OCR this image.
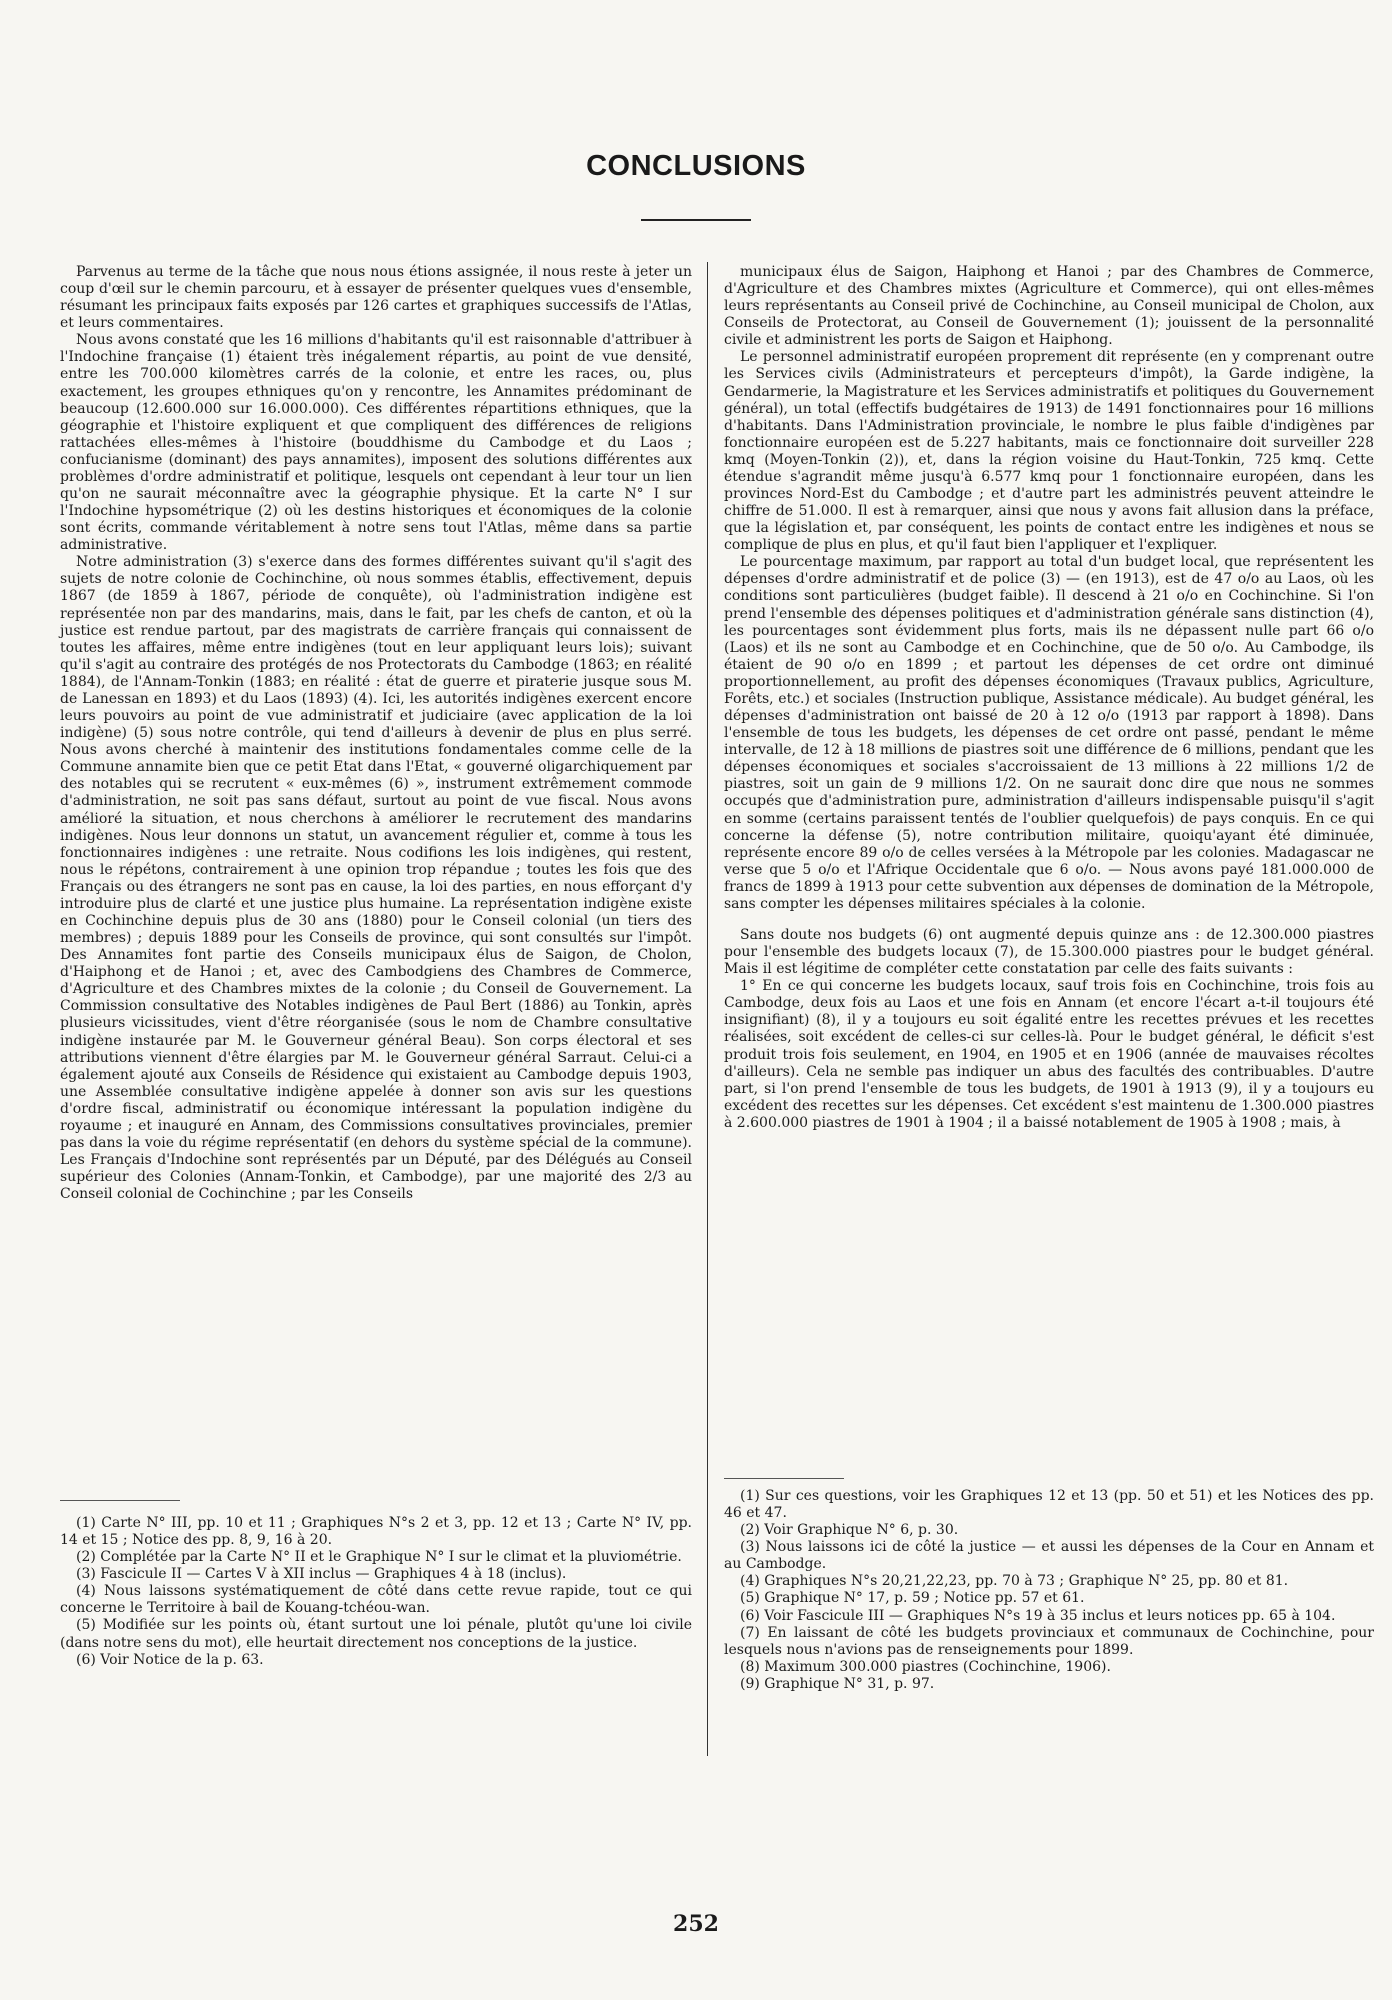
CONCLUSIONS

Parvenus au terme de la tâche que nous nous étions assignée, il nous reste à jeter un coup d'œil sur le chemin parcouru, et à essayer de présenter quelques vues d'ensemble, résumant les principaux faits exposés par 126 cartes et graphiques successifs de l'Atlas, et leurs commentaires.

Nous avons constaté que les 16 millions d'habitants qu'il est raisonnable d'attribuer à l'Indochine française (1) étaient très inégalement répartis, au point de vue densité, entre les 700.000 kilomètres carrés de la colonie, et entre les races, ou, plus exactement, les groupes ethniques qu'on y rencontre, les Annamites prédominant de beaucoup (12.600.000 sur 16.000.000). Ces différentes répartitions ethniques, que la géographie et l'histoire expliquent et que compliquent des différences de religions rattachées elles-mêmes à l'histoire (bouddhisme du Cambodge et du Laos ; confucianisme (dominant) des pays annamites), imposent des solutions différentes aux problèmes d'ordre administratif et politique, lesquels ont cependant à leur tour un lien qu'on ne saurait méconnaître avec la géographie physique. Et la carte N° I sur l'Indochine hypsométrique (2) où les destins historiques et économiques de la colonie sont écrits, commande véritablement à notre sens tout l'Atlas, même dans sa partie administrative.

Notre administration (3) s'exerce dans des formes différentes suivant qu'il s'agit des sujets de notre colonie de Cochinchine, où nous sommes établis, effectivement, depuis 1867 (de 1859 à 1867, période de conquête), où l'administration indigène est représentée non par des mandarins, mais, dans le fait, par les chefs de canton, et où la justice est rendue partout, par des magistrats de carrière français qui connaissent de toutes les affaires, même entre indigènes (tout en leur appliquant leurs lois); suivant qu'il s'agit au contraire des protégés de nos Protectorats du Cambodge (1863; en réalité 1884), de l'Annam-Tonkin (1883; en réalité : état de guerre et piraterie jusque sous M. de Lanessan en 1893) et du Laos (1893) (4). Ici, les autorités indigènes exercent encore leurs pouvoirs au point de vue administratif et judiciaire (avec application de la loi indigène) (5) sous notre contrôle, qui tend d'ailleurs à devenir de plus en plus serré. Nous avons cherché à maintenir des institutions fondamentales comme celle de la Commune annamite bien que ce petit Etat dans l'Etat, « gouverné oligarchiquement par des notables qui se recrutent « eux-mêmes (6) », instrument extrêmement commode d'administration, ne soit pas sans défaut, surtout au point de vue fiscal. Nous avons amélioré la situation, et nous cherchons à améliorer le recrutement des mandarins indigènes. Nous leur donnons un statut, un avancement régulier et, comme à tous les fonctionnaires indigènes : une retraite. Nous codifions les lois indigènes, qui restent, nous le répétons, contrairement à une opinion trop répandue ; toutes les fois que des Français ou des étrangers ne sont pas en cause, la loi des parties, en nous efforçant d'y introduire plus de clarté et une justice plus humaine. La représentation indigène existe en Cochinchine depuis plus de 30 ans (1880) pour le Conseil colonial (un tiers des membres) ; depuis 1889 pour les Conseils de province, qui sont consultés sur l'impôt. Des Annamites font partie des Conseils municipaux élus de Saigon, de Cholon, d'Haiphong et de Hanoi ; et, avec des Cambodgiens des Chambres de Commerce, d'Agriculture et des Chambres mixtes de la colonie ; du Conseil de Gouvernement. La Commission consultative des Notables indigènes de Paul Bert (1886) au Tonkin, après plusieurs vicissitudes, vient d'être réorganisée (sous le nom de Chambre consultative indigène instaurée par M. le Gouverneur général Beau). Son corps électoral et ses attributions viennent d'être élargies par M. le Gouverneur général Sarraut. Celui-ci a également ajouté aux Conseils de Résidence qui existaient au Cambodge depuis 1903, une Assemblée consultative indigène appelée à donner son avis sur les questions d'ordre fiscal, administratif ou économique intéressant la population indigène du royaume ; et inauguré en Annam, des Commissions consultatives provinciales, premier pas dans la voie du régime représentatif (en dehors du système spécial de la commune). Les Français d'Indochine sont représentés par un Député, par des Délégués au Conseil supérieur des Colonies (Annam-Tonkin, et Cambodge), par une majorité des 2/3 au Conseil colonial de Cochinchine ; par les Conseils

municipaux élus de Saigon, Haiphong et Hanoi ; par des Chambres de Commerce, d'Agriculture et des Chambres mixtes (Agriculture et Commerce), qui ont elles-mêmes leurs représentants au Conseil privé de Cochinchine, au Conseil municipal de Cholon, aux Conseils de Protectorat, au Conseil de Gouvernement (1); jouissent de la personnalité civile et administrent les ports de Saigon et Haiphong.

Le personnel administratif européen proprement dit représente (en y comprenant outre les Services civils (Administrateurs et percepteurs d'impôt), la Garde indigène, la Gendarmerie, la Magistrature et les Services administratifs et politiques du Gouvernement général), un total (effectifs budgétaires de 1913) de 1491 fonctionnaires pour 16 millions d'habitants. Dans l'Administration provinciale, le nombre le plus faible d'indigènes par fonctionnaire européen est de 5.227 habitants, mais ce fonctionnaire doit surveiller 228 kmq (Moyen-Tonkin (2)), et, dans la région voisine du Haut-Tonkin, 725 kmq. Cette étendue s'agrandit même jusqu'à 6.577 kmq pour 1 fonctionnaire européen, dans les provinces Nord-Est du Cambodge ; et d'autre part les administrés peuvent atteindre le chiffre de 51.000. Il est à remarquer, ainsi que nous y avons fait allusion dans la préface, que la législation et, par conséquent, les points de contact entre les indigènes et nous se complique de plus en plus, et qu'il faut bien l'appliquer et l'expliquer.

Le pourcentage maximum, par rapport au total d'un budget local, que représentent les dépenses d'ordre administratif et de police (3) — (en 1913), est de 47 o/o au Laos, où les conditions sont particulières (budget faible). Il descend à 21 o/o en Cochinchine. Si l'on prend l'ensemble des dépenses politiques et d'administration générale sans distinction (4), les pourcentages sont évidemment plus forts, mais ils ne dépassent nulle part 66 o/o (Laos) et ils ne sont au Cambodge et en Cochinchine, que de 50 o/o. Au Cambodge, ils étaient de 90 o/o en 1899 ; et partout les dépenses de cet ordre ont diminué proportionnellement, au profit des dépenses économiques (Travaux publics, Agriculture, Forêts, etc.) et sociales (Instruction publique, Assistance médicale). Au budget général, les dépenses d'administration ont baissé de 20 à 12 o/o (1913 par rapport à 1898). Dans l'ensemble de tous les budgets, les dépenses de cet ordre ont passé, pendant le même intervalle, de 12 à 18 millions de piastres soit une différence de 6 millions, pendant que les dépenses économiques et sociales s'accroissaient de 13 millions à 22 millions 1/2 de piastres, soit un gain de 9 millions 1/2. On ne saurait donc dire que nous ne sommes occupés que d'administration pure, administration d'ailleurs indispensable puisqu'il s'agit en somme (certains paraissent tentés de l'oublier quelquefois) de pays conquis. En ce qui concerne la défense (5), notre contribution militaire, quoiqu'ayant été diminuée, représente encore 89 o/o de celles versées à la Métropole par les colonies. Madagascar ne verse que 5 o/o et l'Afrique Occidentale que 6 o/o. — Nous avons payé 181.000.000 de francs de 1899 à 1913 pour cette subvention aux dépenses de domination de la Métropole, sans compter les dépenses militaires spéciales à la colonie.

Sans doute nos budgets (6) ont augmenté depuis quinze ans : de 12.300.000 piastres pour l'ensemble des budgets locaux (7), de 15.300.000 piastres pour le budget général. Mais il est légitime de compléter cette constatation par celle des faits suivants :

1° En ce qui concerne les budgets locaux, sauf trois fois en Cochinchine, trois fois au Cambodge, deux fois au Laos et une fois en Annam (et encore l'écart a-t-il toujours été insignifiant) (8), il y a toujours eu soit égalité entre les recettes prévues et les recettes réalisées, soit excédent de celles-ci sur celles-là. Pour le budget général, le déficit s'est produit trois fois seulement, en 1904, en 1905 et en 1906 (année de mauvaises récoltes d'ailleurs). Cela ne semble pas indiquer un abus des facultés des contribuables. D'autre part, si l'on prend l'ensemble de tous les budgets, de 1901 à 1913 (9), il y a toujours eu excédent des recettes sur les dépenses. Cet excédent s'est maintenu de 1.300.000 piastres à 2.600.000 piastres de 1901 à 1904 ; il a baissé notablement de 1905 à 1908 ; mais, à

(1) Carte N° III, pp. 10 et 11 ; Graphiques N°s 2 et 3, pp. 12 et 13 ; Carte N° IV, pp. 14 et 15 ; Notice des pp. 8, 9, 16 à 20.

(2) Complétée par la Carte N° II et le Graphique N° I sur le climat et la pluviométrie.

(3) Fascicule II — Cartes V à XII inclus — Graphiques 4 à 18 (inclus).

(4) Nous laissons systématiquement de côté dans cette revue rapide, tout ce qui concerne le Territoire à bail de Kouang-tchéou-wan.

(5) Modifiée sur les points où, étant surtout une loi pénale, plutôt qu'une loi civile (dans notre sens du mot), elle heurtait directement nos conceptions de la justice.

(6) Voir Notice de la p. 63.

(1) Sur ces questions, voir les Graphiques 12 et 13 (pp. 50 et 51) et les Notices des pp. 46 et 47.

(2) Voir Graphique N° 6, p. 30.

(3) Nous laissons ici de côté la justice — et aussi les dépenses de la Cour en Annam et au Cambodge.

(4) Graphiques N°s 20,21,22,23, pp. 70 à 73 ; Graphique N° 25, pp. 80 et 81.

(5) Graphique N° 17, p. 59 ; Notice pp. 57 et 61.

(6) Voir Fascicule III — Graphiques N°s 19 à 35 inclus et leurs notices pp. 65 à 104.

(7) En laissant de côté les budgets provinciaux et communaux de Cochinchine, pour lesquels nous n'avions pas de renseignements pour 1899.

(8) Maximum 300.000 piastres (Cochinchine, 1906).

(9) Graphique N° 31, p. 97.

252
